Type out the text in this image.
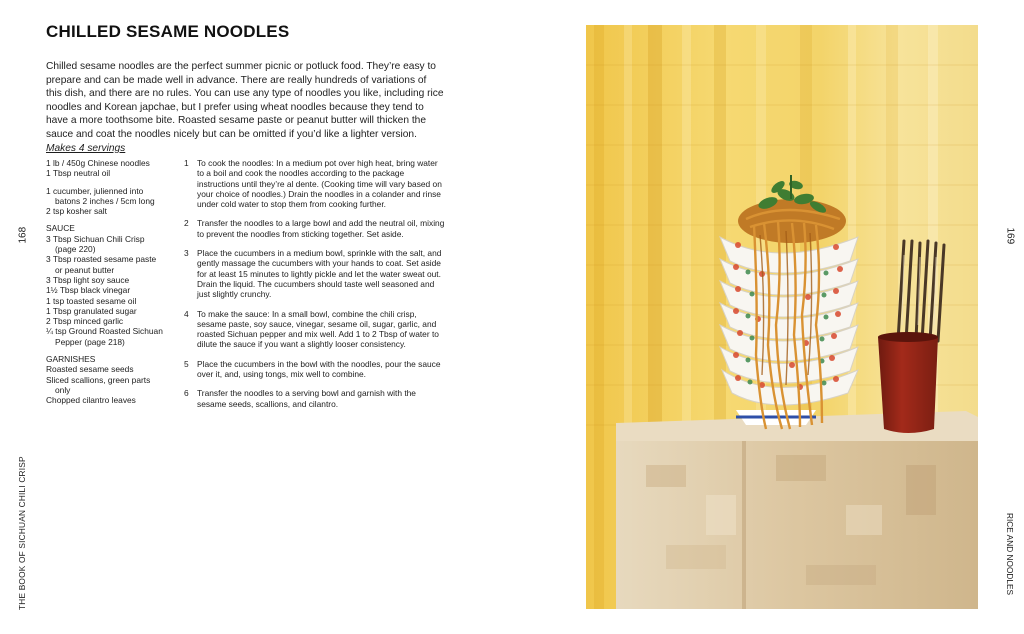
CHILLED SESAME NOODLES

Chilled sesame noodles are the perfect summer picnic or potluck food. They’re easy to prepare and can be made well in advance. There are really hundreds of variations of this dish, and there are no rules. You can use any type of noodles you like, including rice noodles and Korean japchae, but I prefer using wheat noodles because they tend to have a more toothsome bite. Roasted sesame paste or peanut butter will thicken the sauce and coat the noodles nicely but can be omitted if you’d like a lighter version. Makes 4 servings

1 lb / 450g Chinese noodles

1 Tbsp neutral oil

1 cucumber, julienned into batons 2 inches / 5cm long

2 tsp kosher salt

SAUCE

3 Tbsp Sichuan Chili Crisp (page 220)

3 Tbsp roasted sesame paste or peanut butter

3 Tbsp light soy sauce

1½ Tbsp black vinegar

1 tsp toasted sesame oil

1 Tbsp granulated sugar

2 Tbsp minced garlic

¼ tsp Ground Roasted Sichuan Pepper (page 218)

GARNISHES

Roasted sesame seeds

Sliced scallions, green parts only

Chopped cilantro leaves

1 To cook the noodles: In a medium pot over high heat, bring water to a boil and cook the noodles according to the package instructions until they’re al dente. (Cooking time will vary based on your choice of noodles.) Drain the noodles in a colander and rinse under cold water to stop them from cooking further.
2 Transfer the noodles to a large bowl and add the neutral oil, mixing to prevent the noodles from sticking together. Set aside.
3 Place the cucumbers in a medium bowl, sprinkle with the salt, and gently massage the cucumbers with your hands to coat. Set aside for at least 15 minutes to lightly pickle and let the water sweat out. Drain the liquid. The cucumbers should taste well seasoned and just slightly crunchy.
4 To make the sauce: In a small bowl, combine the chili crisp, sesame paste, soy sauce, vinegar, sesame oil, sugar, garlic, and roasted Sichuan pepper and mix well. Add 1 to 2 Tbsp of water to dilute the sauce if you want a slightly looser consistency.
5 Place the cucumbers in the bowl with the noodles, pour the sauce over it, and, using tongs, mix well to combine.
6 Transfer the noodles to a serving bowl and garnish with the sesame seeds, scallions, and cilantro.
168
THE BOOK OF SICHUAN CHILI CRISP
169
RICE AND NOODLES
